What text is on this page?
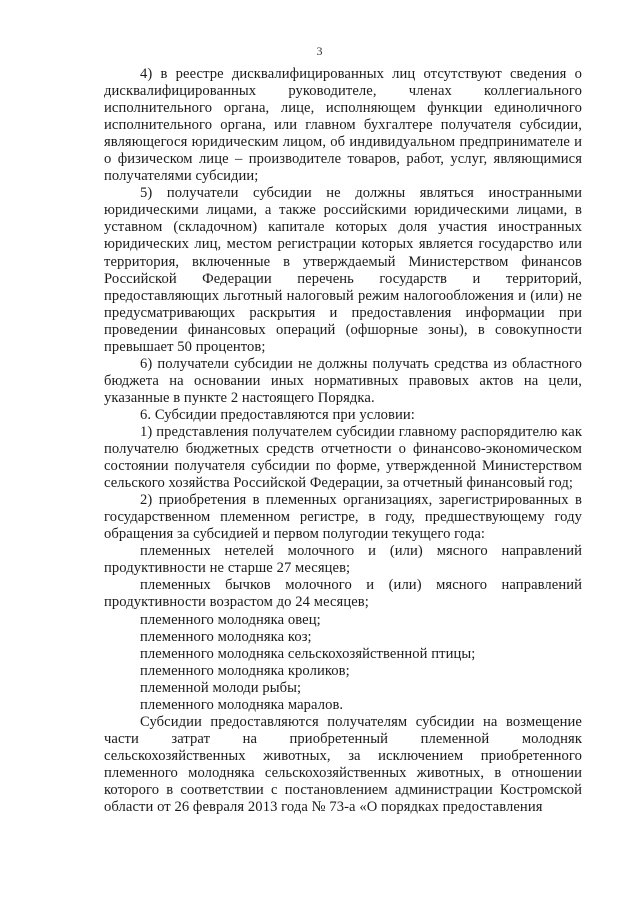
3

4) в реестре дисквалифицированных лиц отсутствуют сведения о дисквалифицированных руководителе, членах коллегиального исполнительного органа, лице, исполняющем функции единоличного исполнительного органа, или главном бухгалтере получателя субсидии, являющегося юридическим лицом, об индивидуальном предпринимателе и о физическом лице – производителе товаров, работ, услуг, являющимися получателями субсидии;

5) получатели субсидии не должны являться иностранными юридическими лицами, а также российскими юридическими лицами, в уставном (складочном) капитале которых доля участия иностранных юридических лиц, местом регистрации которых является государство или территория, включенные в утверждаемый Министерством финансов Российской Федерации перечень государств и территорий, предоставляющих льготный налоговый режим налогообложения и (или) не предусматривающих раскрытия и предоставления информации при проведении финансовых операций (офшорные зоны), в совокупности превышает 50 процентов;

6) получатели субсидии не должны получать средства из областного бюджета на основании иных нормативных правовых актов на цели, указанные в пункте 2 настоящего Порядка.

6. Субсидии предоставляются при условии:

1) представления получателем субсидии главному распорядителю как получателю бюджетных средств отчетности о финансово-экономическом состоянии получателя субсидии по форме, утвержденной Министерством сельского хозяйства Российской Федерации, за отчетный финансовый год;

2) приобретения в племенных организациях, зарегистрированных в государственном племенном регистре, в году, предшествующему году обращения за субсидией и первом полугодии текущего года:

племенных нетелей молочного и (или) мясного направлений продуктивности не старше 27 месяцев;

племенных бычков молочного и (или) мясного направлений продуктивности возрастом до 24 месяцев;

племенного молодняка овец;

племенного молодняка коз;

племенного молодняка сельскохозяйственной птицы;

племенного молодняка кроликов;

племенной молоди рыбы;

племенного молодняка маралов.

Субсидии предоставляются получателям субсидии на возмещение части затрат на приобретенный племенной молодняк сельскохозяйственных животных, за исключением приобретенного племенного молодняка сельскохозяйственных животных, в отношении которого в соответствии с постановлением администрации Костромской области от 26 февраля 2013 года № 73-а «О порядках предоставления
